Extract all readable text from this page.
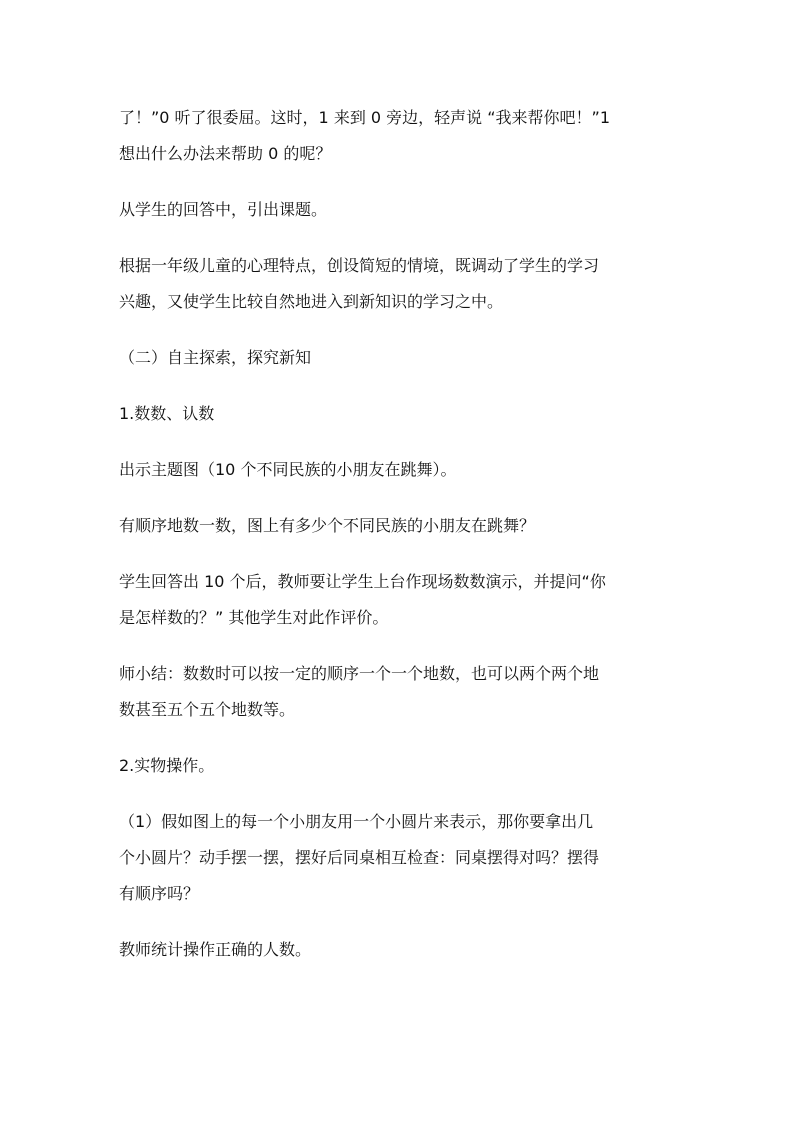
了！”0 听了很委屈。这时，1 来到 0 旁边，轻声说 “我来帮你吧！”1
想出什么办法来帮助 0 的呢？

从学生的回答中，引出课题。

根据一年级儿童的心理特点，创设简短的情境，既调动了学生的学习
兴趣，又使学生比较自然地进入到新知识的学习之中。

（二）自主探索，探究新知

1.数数、认数

出示主题图（10 个不同民族的小朋友在跳舞）。

有顺序地数一数，图上有多少个不同民族的小朋友在跳舞？

学生回答出 10 个后，教师要让学生上台作现场数数演示，并提问“你
是怎样数的？” 其他学生对此作评价。

师小结：数数时可以按一定的顺序一个一个地数，也可以两个两个地
数甚至五个五个地数等。

2.实物操作。

（1）假如图上的每一个小朋友用一个小圆片来表示，那你要拿出几
个小圆片？动手摆一摆，摆好后同桌相互检查：同桌摆得对吗？摆得
有顺序吗？

教师统计操作正确的人数。
